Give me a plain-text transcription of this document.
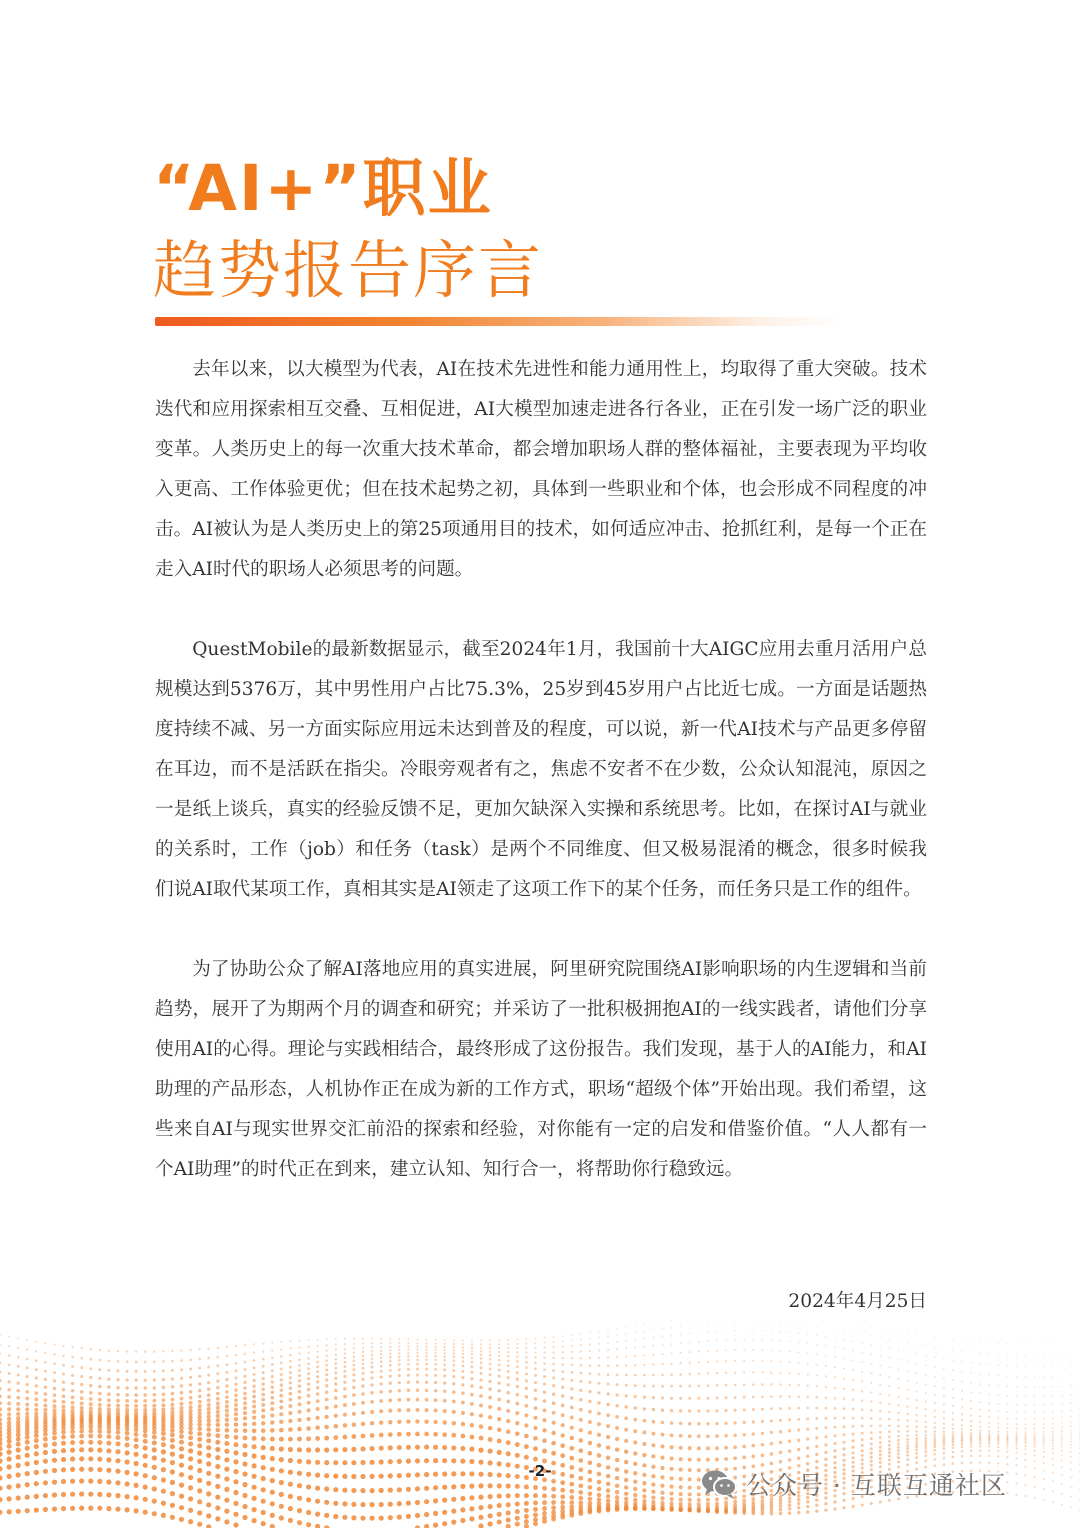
“AI+”职业
趋势报告序言

去年以来，以大模型为代表，AI在技术先进性和能力通用性上，均取得了重大突破。技术迭代和应用探索相互交叠、互相促进，AI大模型加速走进各行各业，正在引发一场广泛的职业变革。人类历史上的每一次重大技术革命，都会增加职场人群的整体福祉，主要表现为平均收入更高、工作体验更优；但在技术起势之初，具体到一些职业和个体，也会形成不同程度的冲击。AI被认为是人类历史上的第25项通用目的技术，如何适应冲击、抢抓红利，是每一个正在走入AI时代的职场人必须思考的问题。

QuestMobile的最新数据显示，截至2024年1月，我国前十大AIGC应用去重月活用户总规模达到5376万，其中男性用户占比75.3%，25岁到45岁用户占比近七成。一方面是话题热度持续不减、另一方面实际应用远未达到普及的程度，可以说，新一代AI技术与产品更多停留在耳边，而不是活跃在指尖。冷眼旁观者有之，焦虑不安者不在少数，公众认知混沌，原因之一是纸上谈兵，真实的经验反馈不足，更加欠缺深入实操和系统思考。比如，在探讨AI与就业的关系时，工作（job）和任务（task）是两个不同维度、但又极易混淆的概念，很多时候我们说AI取代某项工作，真相其实是AI领走了这项工作下的某个任务，而任务只是工作的组件。

为了协助公众了解AI落地应用的真实进展，阿里研究院围绕AI影响职场的内生逻辑和当前趋势，展开了为期两个月的调查和研究；并采访了一批积极拥抱AI的一线实践者，请他们分享使用AI的心得。理论与实践相结合，最终形成了这份报告。我们发现，基于人的AI能力，和AI助理的产品形态，人机协作正在成为新的工作方式，职场“超级个体”开始出现。我们希望，这些来自AI与现实世界交汇前沿的探索和经验，对你能有一定的启发和借鉴价值。“人人都有一个AI助理”的时代正在到来，建立认知、知行合一，将帮助你行稳致远。

2024年4月25日
-2-	公众号 · 互联互通社区
